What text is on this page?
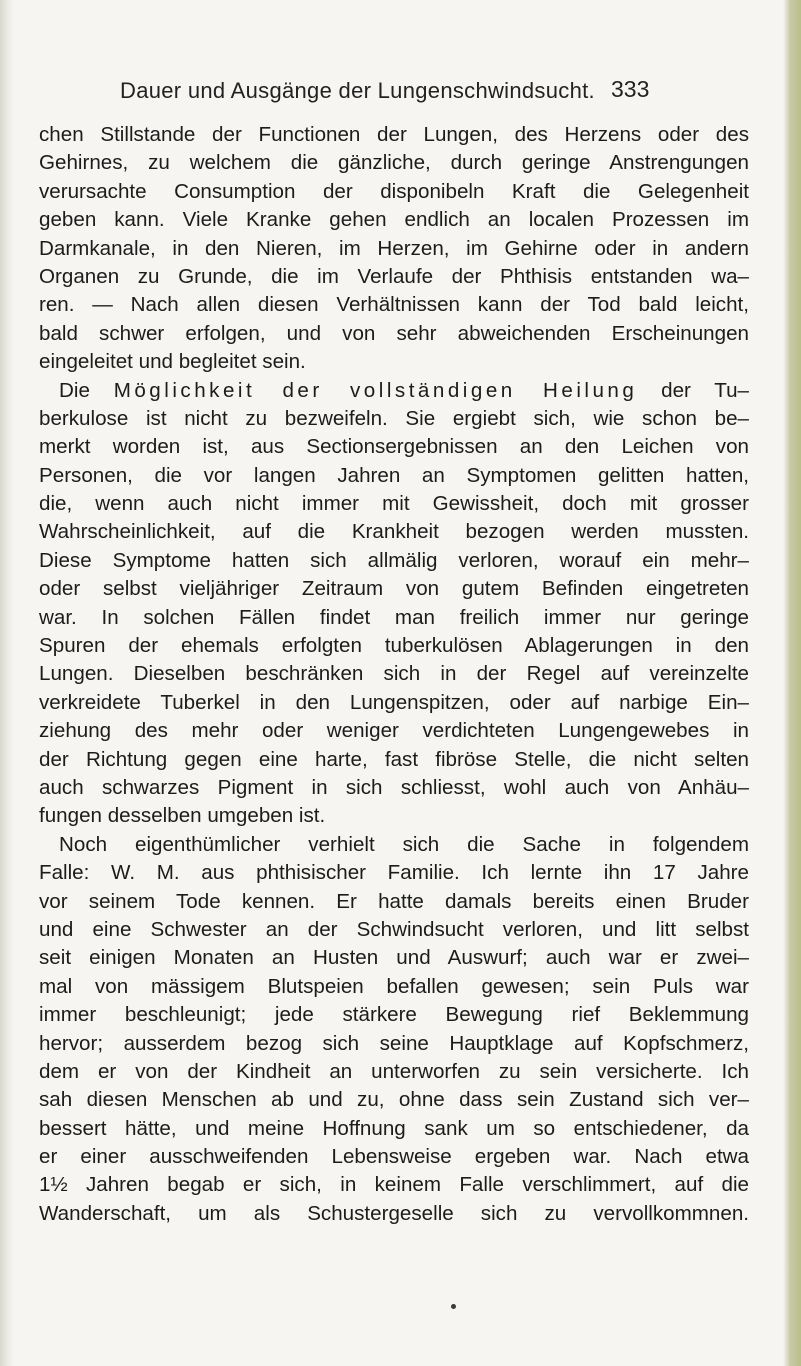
Dauer und Ausgänge der Lungenschwindsucht. 333
chen Stillstande der Functionen der Lungen, des Herzens oder des
Gehirnes, zu welchem die gänzliche, durch geringe Anstrengungen
verursachte Consumption der disponibeln Kraft die Gelegenheit
geben kann. Viele Kranke gehen endlich an localen Prozessen im
Darmkanale, in den Nieren, im Herzen, im Gehirne oder in andern
Organen zu Grunde, die im Verlaufe der Phthisis entstanden wa–
ren. — Nach allen diesen Verhältnissen kann der Tod bald leicht,
bald schwer erfolgen, und von sehr abweichenden Erscheinungen
eingeleitet und begleitet sein.
Die Möglichkeit der vollständigen Heilung der Tu–
berkulose ist nicht zu bezweifeln. Sie ergiebt sich, wie schon be–
merkt worden ist, aus Sectionsergebnissen an den Leichen von
Personen, die vor langen Jahren an Symptomen gelitten hatten,
die, wenn auch nicht immer mit Gewissheit, doch mit grosser
Wahrscheinlichkeit, auf die Krankheit bezogen werden mussten.
Diese Symptome hatten sich allmälig verloren, worauf ein mehr–
oder selbst vieljähriger Zeitraum von gutem Befinden eingetreten
war. In solchen Fällen findet man freilich immer nur geringe
Spuren der ehemals erfolgten tuberkulösen Ablagerungen in den
Lungen. Dieselben beschränken sich in der Regel auf vereinzelte
verkreidete Tuberkel in den Lungenspitzen, oder auf narbige Ein–
ziehung des mehr oder weniger verdichteten Lungengewebes in
der Richtung gegen eine harte, fast fibröse Stelle, die nicht selten
auch schwarzes Pigment in sich schliesst, wohl auch von Anhäu–
fungen desselben umgeben ist.
Noch eigenthümlicher verhielt sich die Sache in folgendem
Falle: W. M. aus phthisischer Familie. Ich lernte ihn 17 Jahre
vor seinem Tode kennen. Er hatte damals bereits einen Bruder
und eine Schwester an der Schwindsucht verloren, und litt selbst
seit einigen Monaten an Husten und Auswurf; auch war er zwei–
mal von mässigem Blutspeien befallen gewesen; sein Puls war
immer beschleunigt; jede stärkere Bewegung rief Beklemmung
hervor; ausserdem bezog sich seine Hauptklage auf Kopfschmerz,
dem er von der Kindheit an unterworfen zu sein versicherte. Ich
sah diesen Menschen ab und zu, ohne dass sein Zustand sich ver–
bessert hätte, und meine Hoffnung sank um so entschiedener, da
er einer ausschweifenden Lebensweise ergeben war. Nach etwa
1½ Jahren begab er sich, in keinem Falle verschlimmert, auf die
Wanderschaft, um als Schustergeselle sich zu vervollkommnen.
